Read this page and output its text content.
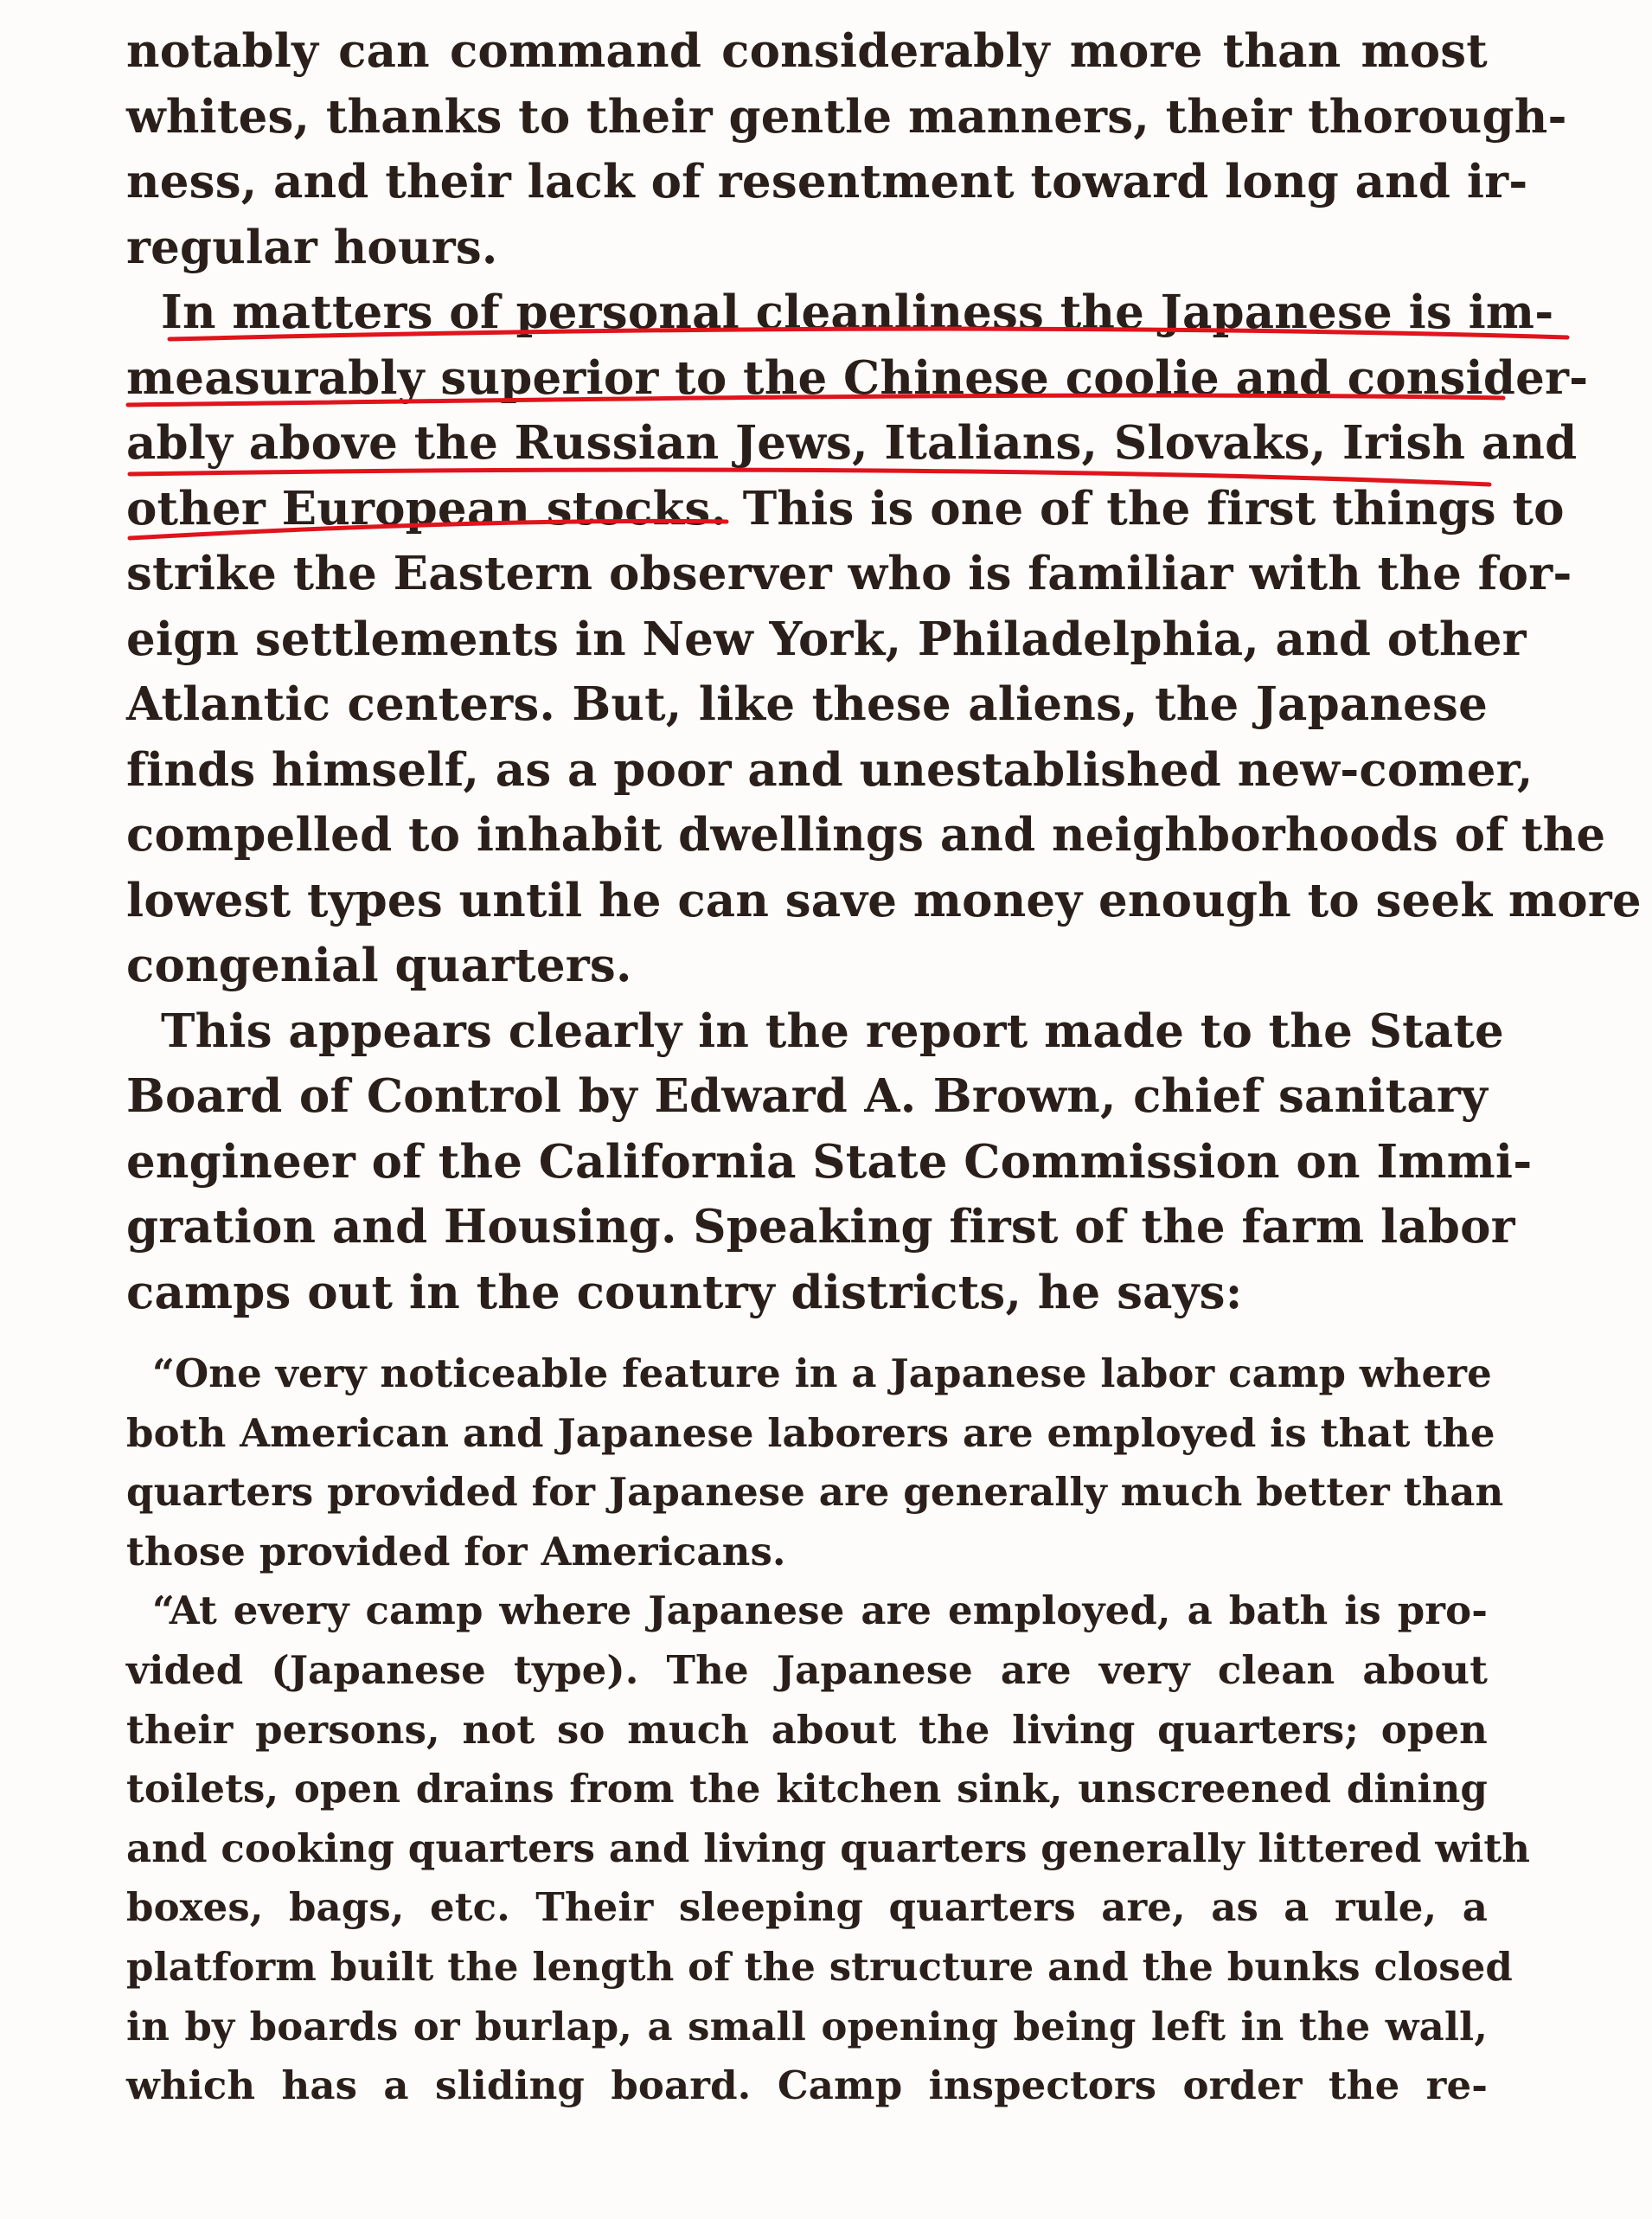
notably can command considerably more than most
whites, thanks to their gentle manners, their thorough-
ness, and their lack of resentment toward long and ir-
regular hours.
In matters of personal cleanliness the Japanese is im-
measurably superior to the Chinese coolie and consider-
ably above the Russian Jews, Italians, Slovaks, Irish and
other European stocks. This is one of the first things to
strike the Eastern observer who is familiar with the for-
eign settlements in New York, Philadelphia, and other
Atlantic centers. But, like these aliens, the Japanese
finds himself, as a poor and unestablished new-comer,
compelled to inhabit dwellings and neighborhoods of the
lowest types until he can save money enough to seek more
congenial quarters.
This appears clearly in the report made to the State
Board of Control by Edward A. Brown, chief sanitary
engineer of the California State Commission on Immi-
gration and Housing. Speaking first of the farm labor
camps out in the country districts, he says:
“One very noticeable feature in a Japanese labor camp where
both American and Japanese laborers are employed is that the
quarters provided for Japanese are generally much better than
those provided for Americans.
“At every camp where Japanese are employed, a bath is pro-
vided (Japanese type). The Japanese are very clean about
their persons, not so much about the living quarters; open
toilets, open drains from the kitchen sink, unscreened dining
and cooking quarters and living quarters generally littered with
boxes, bags, etc. Their sleeping quarters are, as a rule, a
platform built the length of the structure and the bunks closed
in by boards or burlap, a small opening being left in the wall,
which has a sliding board. Camp inspectors order the re-
